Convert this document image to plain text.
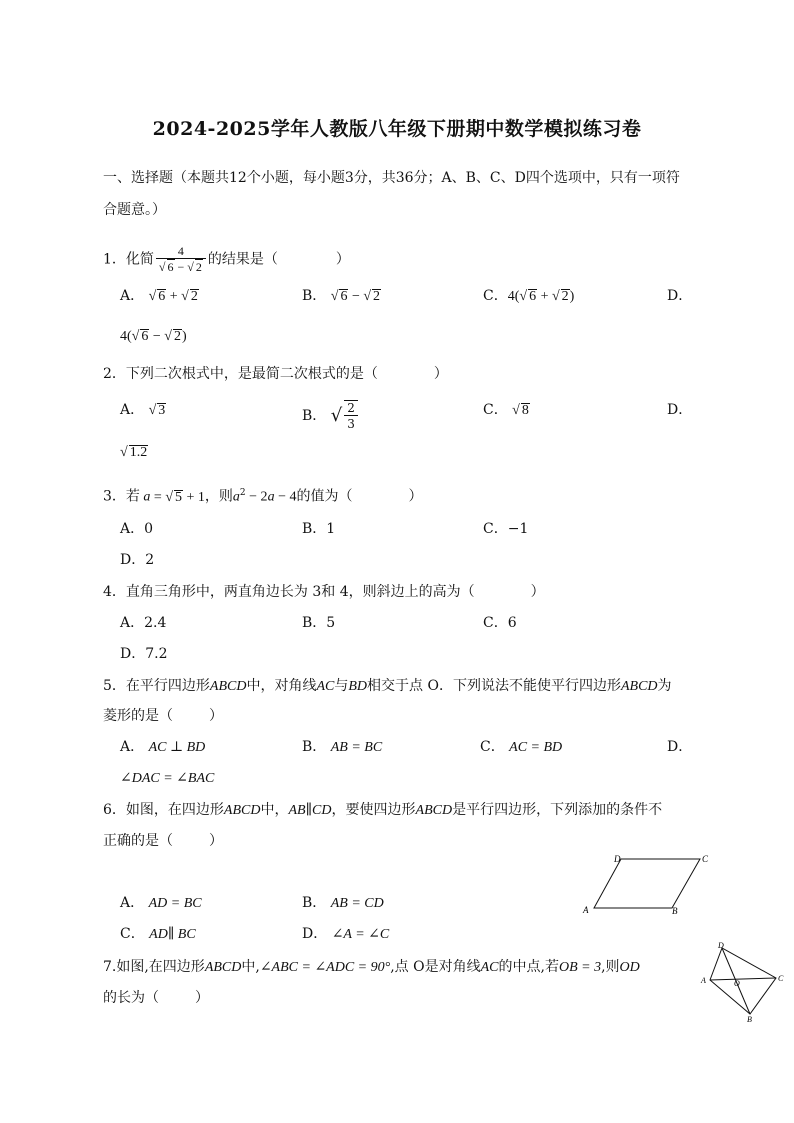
2024-2025学年人教版八年级下册期中数学模拟练习卷
一、选择题（本题共12个小题，每小题3分，共36分；A、B、C、D四个选项中，只有一项符
合题意。）
1．化简 $\frac{4}{√ 6 - √ 2}$ 的结果是（	）
A． √ 6 + √ 2	B． √ 6 − √ 2	C．4(√ 6 + √ 2)	D．
4(√ 6 − √ 2)
2．下列二次根式中，是最简二次根式的是（	）
A． √ 3	B． √ $\frac{2}{3}$	C． √ 8	D．
√ 1.2
3．若 a = √ 5 + 1，则$a^2 - 2a - 4$的值为（	）
A．0	B．1	C．−1
D．2
4．直角三角形中，两直角边长为 3和 4，则斜边上的高为（	）
A．2.4	B．5	C．6
D．7.2
5．在平行四边形ABCD中，对角线AC与BD相交于点 O．下列说法不能使平行四边形ABCD为
菱形的是（	）
A． AC ⊥ BD	B． AB = BC	C． AC = BD	D．
∠DAC = ∠BAC
6．如图，在四边形ABCD中，AB∥CD，要使四边形ABCD是平行四边形，下列添加的条件不
正确的是（	）
D	C
A	B
A． AD = BC	B． AB = CD
C． AD∥ BC	D． ∠A = ∠C
7.如图,在四边形ABCD中,∠ABC = ∠ADC = 90°,点 O是对角线AC的中点,若OB = 3,则OD
的长为（	）
D
A	O
C
B
